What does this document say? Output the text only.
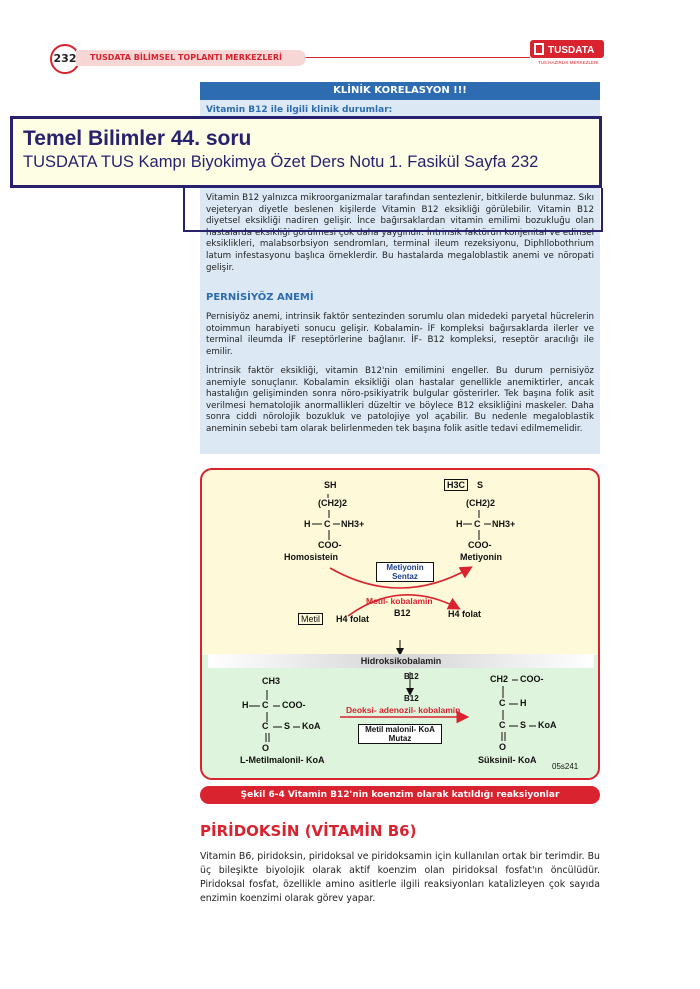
232	TUSDATA BİLİMSEL TOPLANTI MERKEZLERİ
TUSDATA
TUS HAZIRLIK MERKEZLERİ
KLİNİK KORELASYON !!!
Vitamin B12 ile ilgili klinik durumlar:
Vitamin B12 yalnızca mikroorganizmalar tarafından sentezlenir, bitkilerde bulunmaz. Sıkı vejeteryan diyetle beslenen kişilerde Vitamin B12 eksikliği görülebilir. Vitamin B12 diyetsel eksikliği nadiren gelişir. İnce bağırsaklardan vitamin emilimi bozukluğu olan hastalarda eksikliği görülmesi çok daha yaygındır. İntrinsik faktörün konjenital ve edinsel eksiklikleri, malabsorbsiyon sendromları, terminal ileum rezeksiyonu, Diphllobothrium latum infestasyonu başlıca örneklerdir. Bu hastalarda megaloblastik anemi ve nöropati gelişir.
PERNİSİYÖZ ANEMİ
Pernisiyöz anemi, intrinsik faktör sentezinden sorumlu olan midedeki paryetal hücrelerin otoimmun harabiyeti sonucu gelişir. Kobalamin- İF kompleksi bağırsaklarda ilerler ve terminal ileumda İF reseptörlerine bağlanır. İF- B12 kompleksi, reseptör aracılığı ile emilir.
İntrinsik faktör eksikliği, vitamin B12'nin emilimini engeller. Bu durum pernisiyöz anemiyle sonuçlanır. Kobalamin eksikliği olan hastalar genellikle anemiktirler, ancak hastalığın gelişiminden sonra nöro-psikiyatrik bulgular gösterirler. Tek başına folik asit verilmesi hematolojik anormallikleri düzeltir ve böylece B12 eksikliğini maskeler. Daha sonra ciddi nörolojik bozukluk ve patolojiye yol açabilir. Bu nedenle megaloblastik aneminin sebebi tam olarak belirlenmeden tek başına folik asitle tedavi edilmemelidir.
Temel Bilimler 44. soru
TUSDATA TUS Kampı Biyokimya Özet Ders Notu 1. Fasikül Sayfa 232
SH
(CH2)2
H C NH3+
COO-
Homosistein
H3C	S
(CH2)2
H C NH3+
COO-
Metiyonin
Metiyonin Sentaz
Metil- kobalamin
B12
Metil	H4 folat	H4 folat
Hidroksikobalamin
B12
B12
Deoksi- adenozil- kobalamin
Metil malonil- KoA Mutaz
CH3
H C COO-
C S KoA
O
L-Metilmalonil- KoA
CH2 COO-
C H
C S KoA
O
Süksinil- KoA
05s241
Şekil 6-4 Vitamin B12'nin koenzim olarak katıldığı reaksiyonlar
PİRİDOKSİN (VİTAMİN B6)
Vitamin B6, piridoksin, piridoksal ve piridoksamin için kullanılan ortak bir terimdir. Bu üç bileşikte biyolojik olarak aktif koenzim olan piridoksal fosfat'ın öncülüdür. Piridoksal fosfat, özellikle amino asitlerle ilgili reaksiyonları katalizleyen çok sayıda enzimin koenzimi olarak görev yapar.
